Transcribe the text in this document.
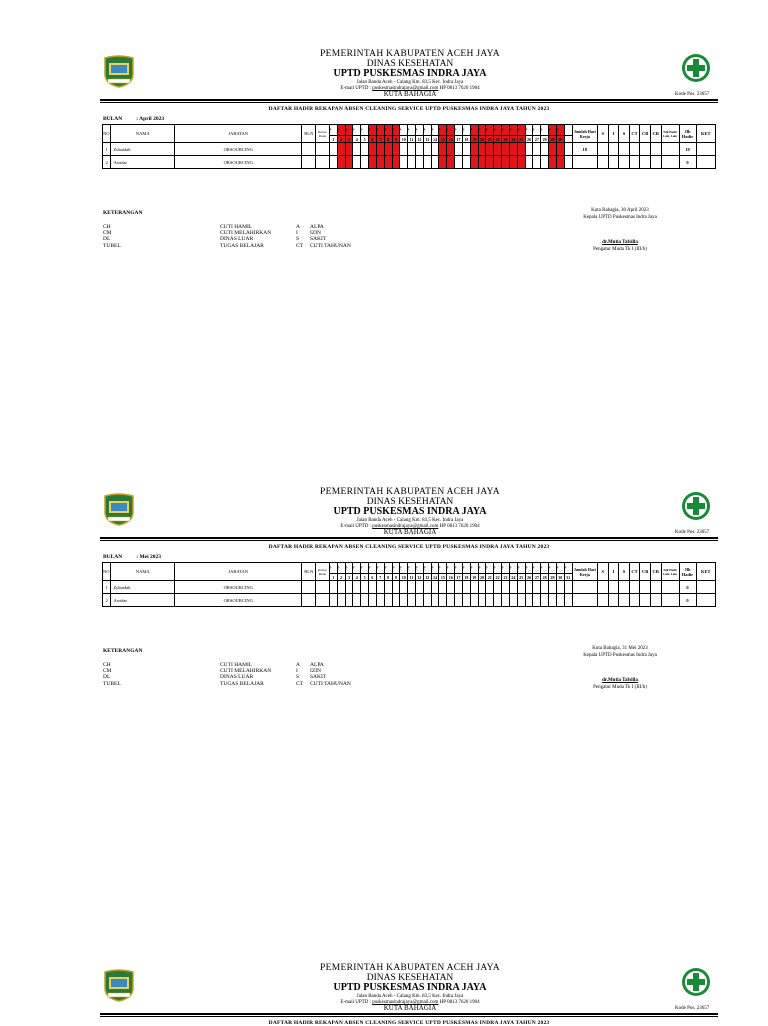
PEMERINTAH KABUPATEN ACEH JAYA
DINAS KESEHATAN
UPTD PUSKESMAS INDRA JAYA
Jalan Banda Aceh - Calang Km. 83,5 Kec. Indra Jaya
E-mail UPTD : puskesmasindrajaya@gmail.com HP 0813 7620 1904
KUTA BAHAGIA	Kode Pos. 23657
DAFTAR HADIR REKAPAN ABSEN CLEANING SERVICE UPTD PUSKESMAS INDRA JAYA TAHUN 2023
BULAN	: April 2023
NO	NAMA	JABATAN	BLN	Kelas/ Ruan	Tgl	Tgl	Tgl	Tgl	Tgl	Tgl	Tgl	Tgl	Tgl	Tgl	Tgl	Tgl	Tgl	Tgl	Tgl	Tgl	Tgl	Tgl	Tgl	Tgl	Tgl	Tgl	Tgl	Tgl	Tgl	Tgl	Tgl	Tgl	Tgl	Tgl		Jumlah Hari Kerja	S	I	S	CT	CB	CR	Tdk Hadir Lain- Lain	Jlh Hadir	KET
					1	2	3	4	5	6	7	8	9	10	11	12	13	14	15	16	17	18	19	20	21	22	23	24	25	26	27	28	29	30											
1	Zubaidah	ORSOURCING																																		18								18	
2	Asridar	ORSOURCING																																										0	
KETERANGAN
CH	CUTI HAMIL	A	ALPA
CM	CUTI MELAHIRKAN	I	IZIN
DL	DINAS LUAR	S	SAKIT
TUBEL	TUGAS BELAJAR	CT	CUTI TAHUNAN
Kuta Bahagia, 30 April 2023
Kepala UPTD Puskesmas Indra Jaya
dr.Mutia Tafsilla
Pengatur Muda Tk I (III/b)
PEMERINTAH KABUPATEN ACEH JAYA
DINAS KESEHATAN
UPTD PUSKESMAS INDRA JAYA
Jalan Banda Aceh - Calang Km. 83,5 Kec. Indra Jaya
E-mail UPTD : puskesmasindrajaya@gmail.com HP 0813 7620 1904
KUTA BAHAGIA	Kode Pos. 23657
DAFTAR HADIR REKAPAN ABSEN CLEANING SERVICE UPTD PUSKESMAS INDRA JAYA TAHUN 2023
BULAN	: Mei 2023
NO	NAMA	JABATAN	BLN	Kelas/ Ruan	Tgl	Tgl	Tgl	Tgl	Tgl	Tgl	Tgl	Tgl	Tgl	Tgl	Tgl	Tgl	Tgl	Tgl	Tgl	Tgl	Tgl	Tgl	Tgl	Tgl	Tgl	Tgl	Tgl	Tgl	Tgl	Tgl	Tgl	Tgl	Tgl	Tgl	Tgl	Jumlah Hari Kerja	S	I	S	CT	CB	CR	Tdk Hadir Lain- Lain	Jlh Hadir	KET
					1	2	3	4	5	6	7	8	9	10	11	12	13	14	15	16	17	18	19	20	21	22	23	24	25	26	27	28	29	30	31										
1	Zubaidah	ORSOURCING																																										0	
2	Asridar	ORSOURCING																																										0	
KETERANGAN
CH	CUTI HAMIL	A	ALPA
CM	CUTI MELAHIRKAN	I	IZIN
DL	DINAS LUAR	S	SAKIT
TUBEL	TUGAS BELAJAR	CT	CUTI TAHUNAN
Kuta Bahagia, 31 Mei 2023
Kepala UPTD Puskesmas Indra Jaya
dr.Mutia Tafsilla
Pengatur Muda Tk I (III/b)
PEMERINTAH KABUPATEN ACEH JAYA
DINAS KESEHATAN
UPTD PUSKESMAS INDRA JAYA
Jalan Banda Aceh - Calang Km. 83,5 Kec. Indra Jaya
E-mail UPTD : puskesmasindrajaya@gmail.com HP 0813 7620 1904
KUTA BAHAGIA	Kode Pos. 23657
DAFTAR HADIR REKAPAN ABSEN CLEANING SERVICE UPTD PUSKESMAS INDRA JAYA TAHUN 2023
